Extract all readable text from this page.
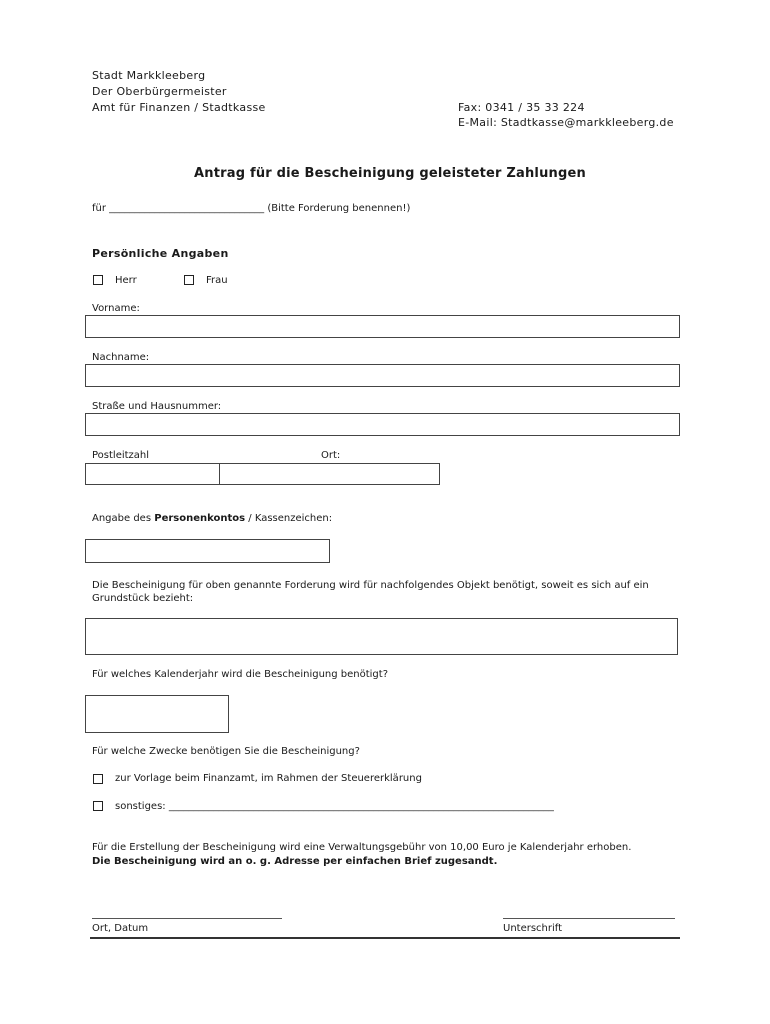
Stadt Markkleeberg
Der Oberbürgermeister
Amt für Finanzen / Stadtkasse	Fax: 0341 / 35 33 224
E-Mail: Stadtkasse@markkleeberg.de
Antrag für die Bescheinigung geleisteter Zahlungen
für _______________________________ (Bitte Forderung benennen!)
Persönliche Angaben
Herr	Frau
Vorname:
Nachname:
Straße und Hausnummer:
Postleitzahl	Ort:
Angabe des Personenkontos / Kassenzeichen:
Die Bescheinigung für oben genannte Forderung wird für nachfolgendes Objekt benötigt, soweit es sich auf ein Grundstück bezieht:
Für welches Kalenderjahr wird die Bescheinigung benötigt?
Für welche Zwecke benötigen Sie die Bescheinigung?
zur Vorlage beim Finanzamt, im Rahmen der Steuererklärung
sonstiges: _____________________________________________________________________________
Für die Erstellung der Bescheinigung wird eine Verwaltungsgebühr von 10,00 Euro je Kalenderjahr erhoben.
Die Bescheinigung wird an o. g. Adresse per einfachen Brief zugesandt.
Ort, Datum	Unterschrift
